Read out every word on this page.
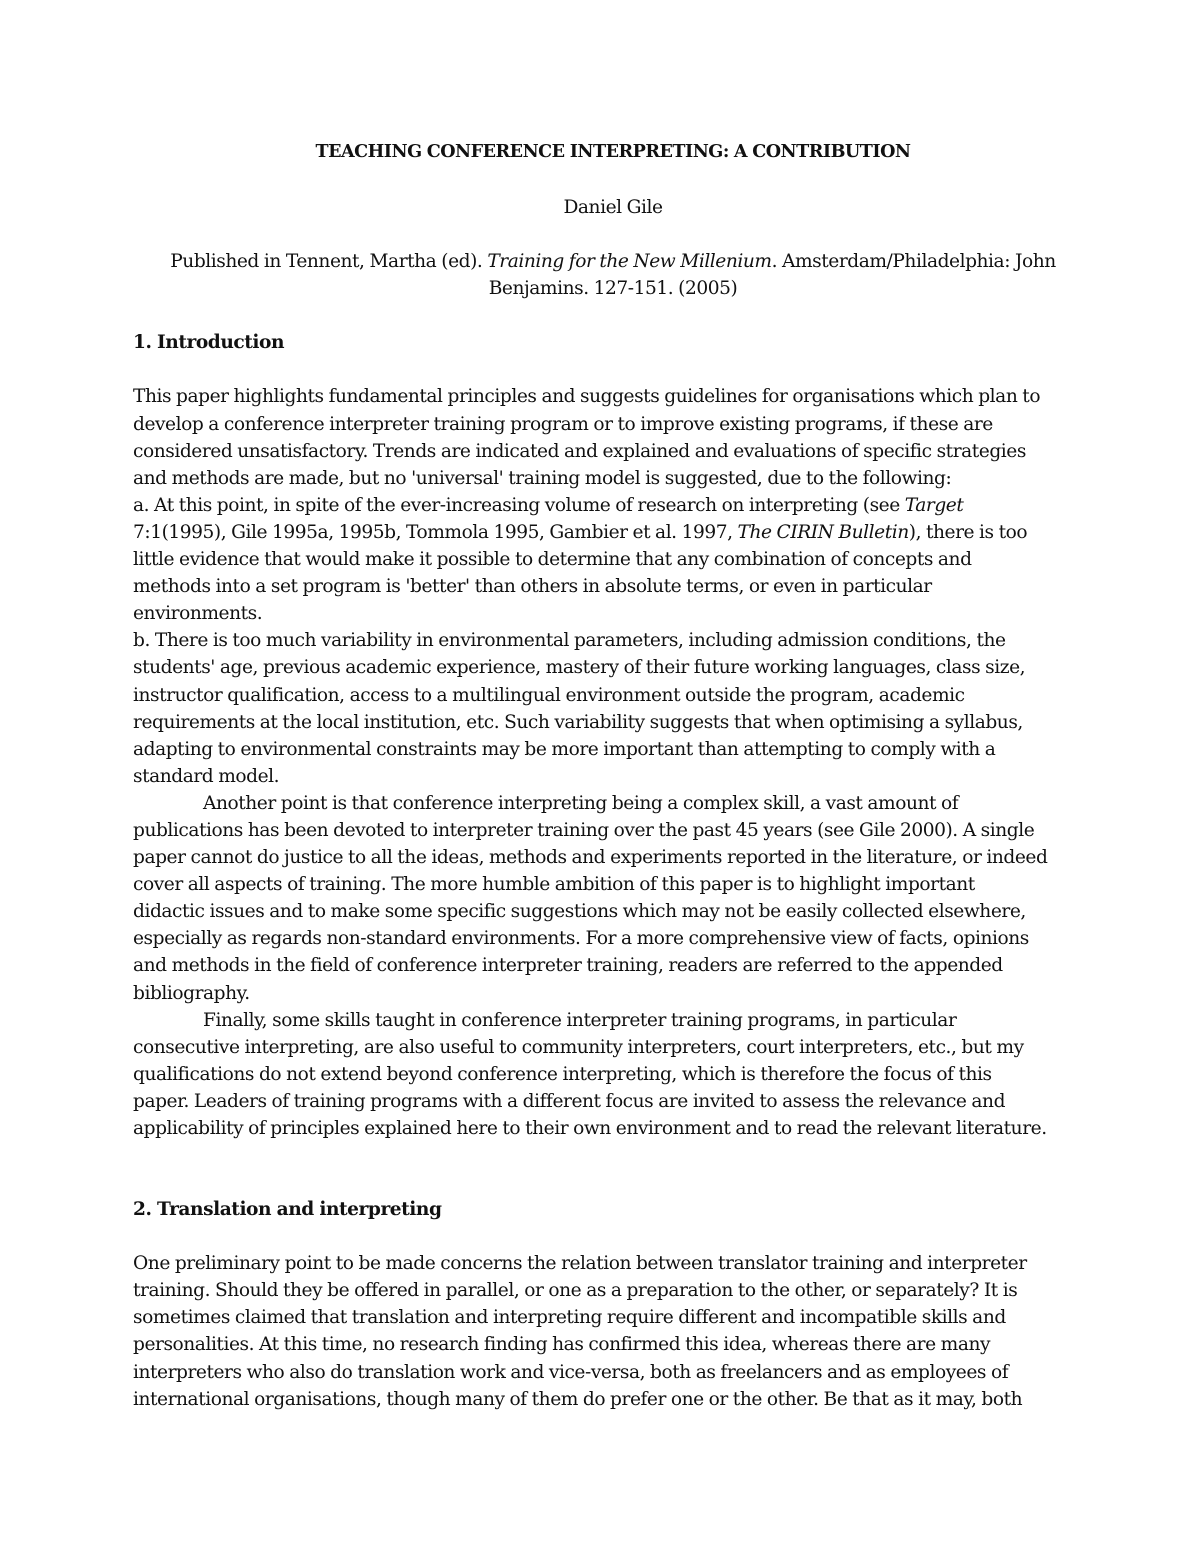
TEACHING CONFERENCE INTERPRETING: A CONTRIBUTION

Daniel Gile

Published in Tennent, Martha (ed). Training for the New Millenium. Amsterdam/Philadelphia: John
Benjamins. 127-151. (2005)

1. Introduction

This paper highlights fundamental principles and suggests guidelines for organisations which plan to
develop a conference interpreter training program or to improve existing programs, if these are
considered unsatisfactory. Trends are indicated and explained and evaluations of specific strategies
and methods are made, but no 'universal' training model is suggested, due to the following:
a. At this point, in spite of the ever-increasing volume of research on interpreting (see Target
7:1(1995), Gile 1995a, 1995b, Tommola 1995, Gambier et al. 1997, The CIRIN Bulletin), there is too
little evidence that would make it possible to determine that any combination of concepts and
methods into a set program is 'better' than others in absolute terms, or even in particular
environments.
b. There is too much variability in environmental parameters, including admission conditions, the
students' age, previous academic experience, mastery of their future working languages, class size,
instructor qualification, access to a multilingual environment outside the program, academic
requirements at the local institution, etc. Such variability suggests that when optimising a syllabus,
adapting to environmental constraints may be more important than attempting to comply with a
standard model.
Another point is that conference interpreting being a complex skill, a vast amount of
publications has been devoted to interpreter training over the past 45 years (see Gile 2000). A single
paper cannot do justice to all the ideas, methods and experiments reported in the literature, or indeed
cover all aspects of training. The more humble ambition of this paper is to highlight important
didactic issues and to make some specific suggestions which may not be easily collected elsewhere,
especially as regards non-standard environments. For a more comprehensive view of facts, opinions
and methods in the field of conference interpreter training, readers are referred to the appended
bibliography.
Finally, some skills taught in conference interpreter training programs, in particular
consecutive interpreting, are also useful to community interpreters, court interpreters, etc., but my
qualifications do not extend beyond conference interpreting, which is therefore the focus of this
paper. Leaders of training programs with a different focus are invited to assess the relevance and
applicability of principles explained here to their own environment and to read the relevant literature.

2. Translation and interpreting

One preliminary point to be made concerns the relation between translator training and interpreter
training. Should they be offered in parallel, or one as a preparation to the other, or separately? It is
sometimes claimed that translation and interpreting require different and incompatible skills and
personalities. At this time, no research finding has confirmed this idea, whereas there are many
interpreters who also do translation work and vice-versa, both as freelancers and as employees of
international organisations, though many of them do prefer one or the other. Be that as it may, both
